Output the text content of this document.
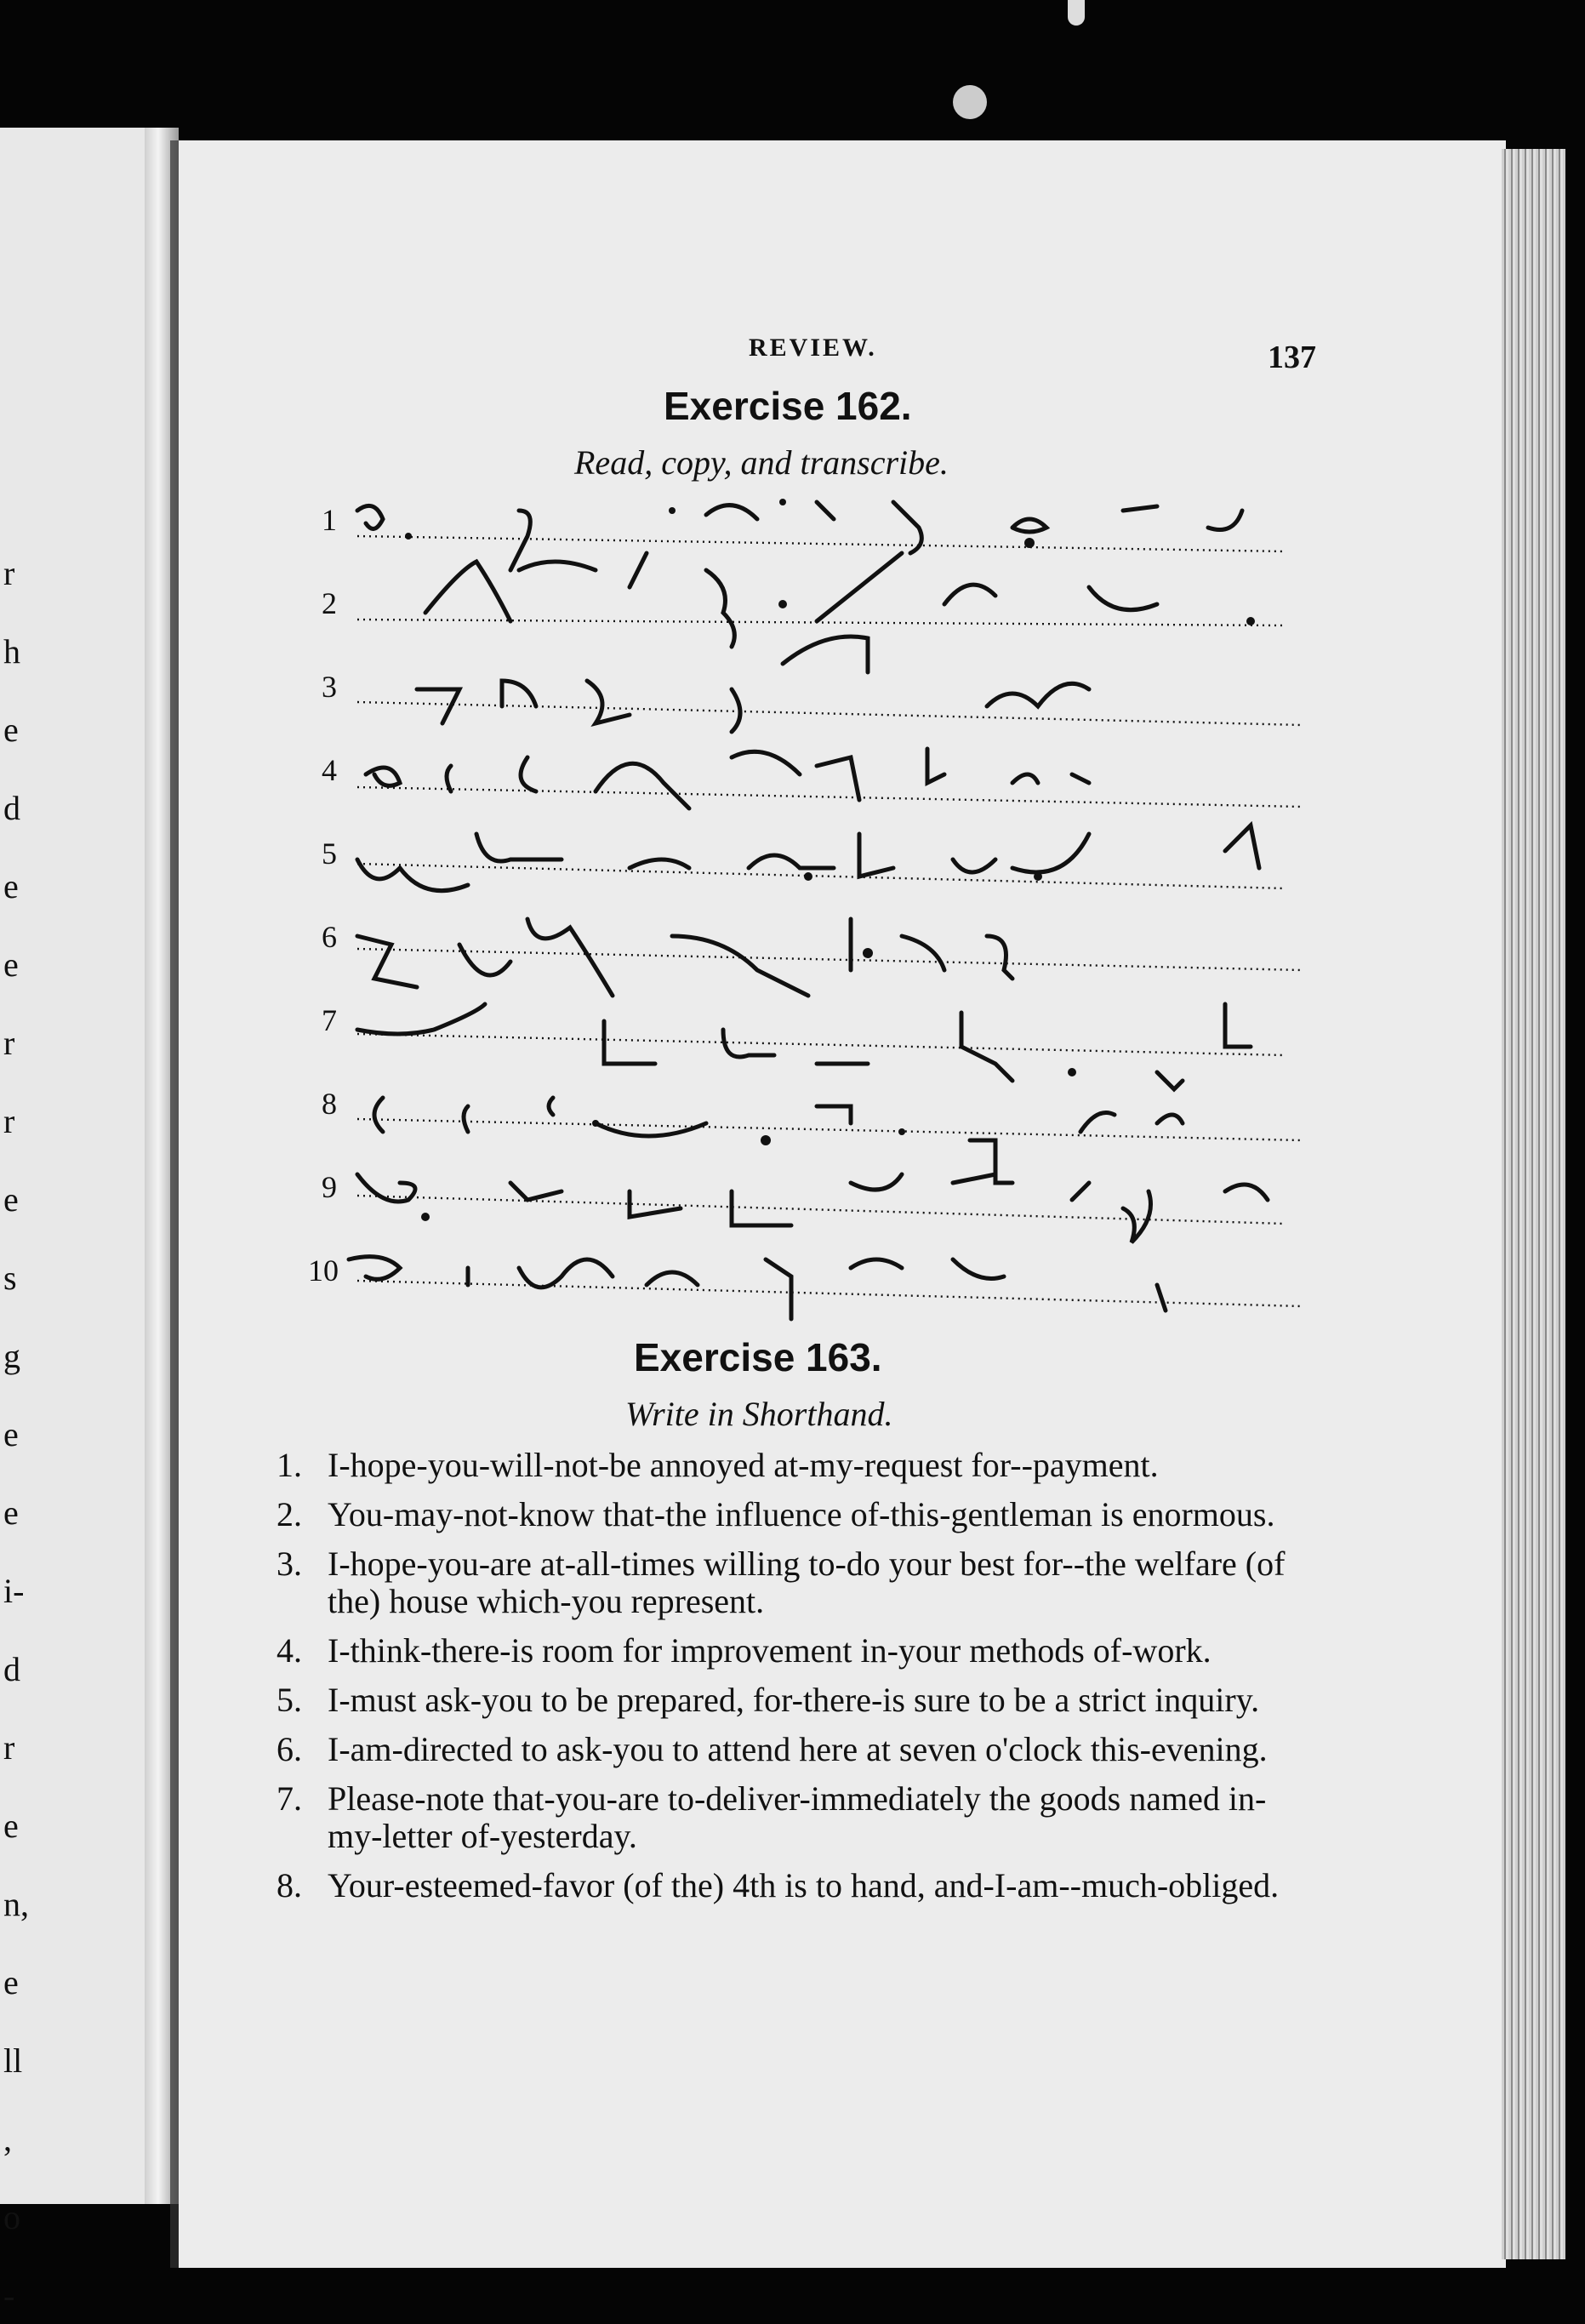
r
h
e
d
e
e
r
r
e
s
g
e
e
i-
d
r
e
n,
e
ll
,
o
-
REVIEW.	137
Exercise 162.
Read, copy, and transcribe.
1
2
3
4
5
6
7
8
9
10
Exercise 163.
Write in Shorthand.
1. I-hope-you-will-not-be annoyed at-my-request for--payment.
2. You-may-not-know that-the influence of-this-gentleman is enormous.
3. I-hope-you-are at-all-times willing to-do your best for--the welfare (of the) house which-you represent.
4. I-think-there-is room for improvement in-your methods of-work.
5. I-must ask-you to be prepared, for-there-is sure to be a strict inquiry.
6. I-am-directed to ask-you to attend here at seven o'clock this-evening.
7. Please-note that-you-are to-deliver-immediately the goods named in-my-letter of-yesterday.
8. Your-esteemed-favor (of the) 4th is to hand, and-I-am--much-obliged.
